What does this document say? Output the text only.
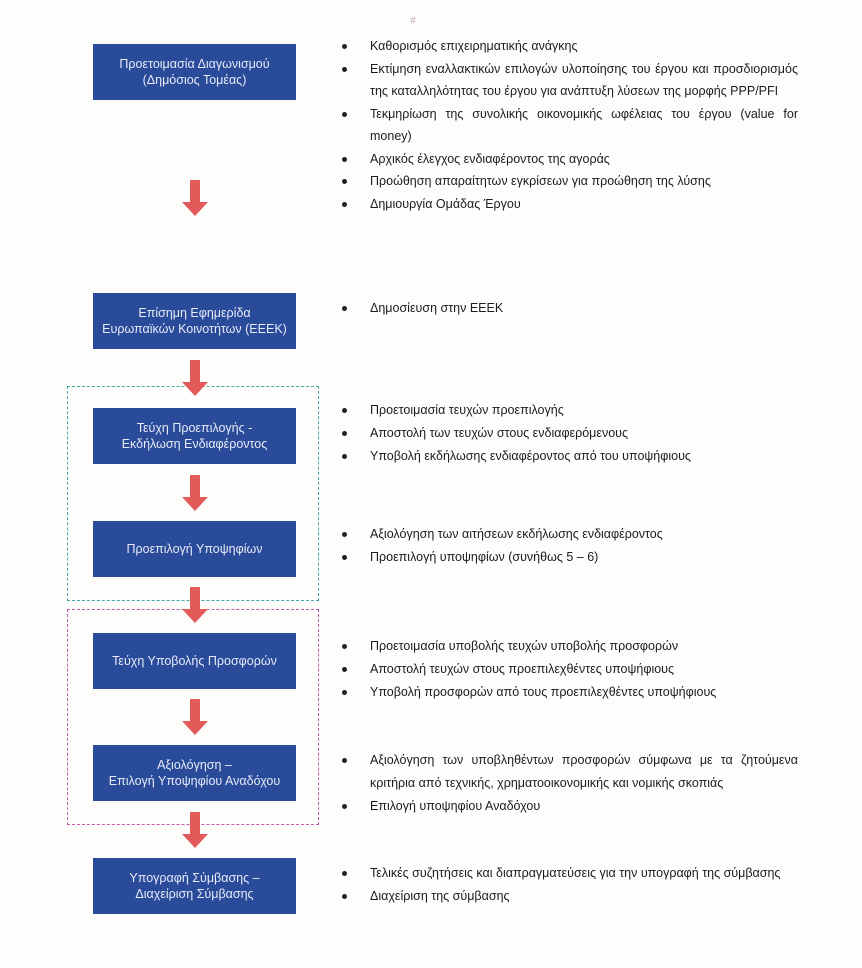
﹟
Προετοιμασία Διαγωνισμού
(Δημόσιος Τομέας)
Καθορισμός επιχειρηματικής ανάγκης
Εκτίμηση εναλλακτικών επιλογών υλοποίησης του έργου και προσδιορισμός της καταλληλότητας του έργου για ανάπτυξη λύσεων της μορφής PPP/PFI
Τεκμηρίωση της συνολικής οικονομικής ωφέλειας του έργου (value for money)
Αρχικός έλεγχος ενδιαφέροντος της αγοράς
Προώθηση απαραίτητων εγκρίσεων για προώθηση της λύσης
Δημιουργία Ομάδας Έργου
Επίσημη Εφημερίδα
Ευρωπαϊκών Κοινοτήτων (ΕΕΕΚ)
Δημοσίευση στην ΕΕΕΚ
Τεύχη Προεπιλογής -
Εκδήλωση Ενδιαφέροντος
Προετοιμασία τευχών προεπιλογής
Αποστολή των τευχών στους ενδιαφερόμενους
Υποβολή εκδήλωσης ενδιαφέροντος από του υποψήφιους
Προεπιλογή Υποψηφίων
Αξιολόγηση των αιτήσεων εκδήλωσης ενδιαφέροντος
Προεπιλογή υποψηφίων (συνήθως 5 – 6)
Τεύχη Υποβολής Προσφορών
Προετοιμασία υποβολής τευχών υποβολής προσφορών
Αποστολή τευχών στους προεπιλεχθέντες υποψήφιους
Υποβολή προσφορών από τους προεπιλεχθέντες υποψήφιους
Αξιολόγηση –
Επιλογή Υποψηφίου Αναδόχου
Αξιολόγηση των υποβληθέντων προσφορών σύμφωνα με τα ζητούμενα κριτήρια από τεχνικής, χρηματοοικονομικής και νομικής σκοπιάς
Επιλογή υποψηφίου Αναδόχου
Υπογραφή Σύμβασης –
Διαχείριση Σύμβασης
Τελικές συζητήσεις και διαπραγματεύσεις για την υπογραφή της σύμβασης
Διαχείριση της σύμβασης
